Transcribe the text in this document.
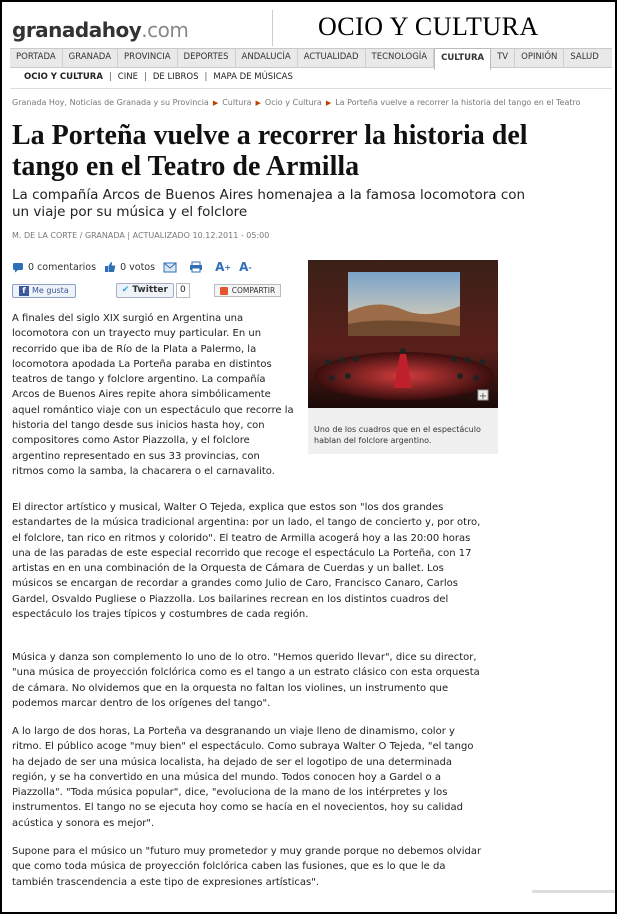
granadahoy.com	OCIO Y CULTURA
PORTADA	GRANADA	PROVINCIA	DEPORTES	ANDALUCÍA	ACTUALIDAD	TECNOLOGÍA	CULTURA	TV	OPINIÓN	SALUD
OCIO Y CULTURA | CINE | DE LIBROS | MAPA DE MÚSICAS
Granada Hoy, Noticias de Granada y su Provincia ▶ Cultura ▶ Ocio y Cultura ▶ La Porteña vuelve a recorrer la historia del tango en el Teatro
La Porteña vuelve a recorrer la historia del tango en el Teatro de Armilla
La compañía Arcos de Buenos Aires homenajea a la famosa locomotora con un viaje por su música y el folclore
M. DE LA CORTE / GRANADA | ACTUALIZADO 10.12.2011 - 05:00
0 comentarios	0 votos	A + A -
f Me gusta	✔ Twitter	0	COMPARTIR
+
Uno de los cuadros que en el espectáculo hablan del folclore argentino.

A finales del siglo XIX surgió en Argentina una locomotora con un trayecto muy particular. En un recorrido que iba de Río de la Plata a Palermo, la locomotora apodada La Porteña paraba en distintos teatros de tango y folclore argentino. La compañía Arcos de Buenos Aires repite ahora simbólicamente aquel romántico viaje con un espectáculo que recorre la historia del tango desde sus inicios hasta hoy, con compositores como Astor Piazzolla, y el folclore argentino representado en sus 33 provincias, con ritmos como la samba, la chacarera o el carnavalito.

El director artístico y musical, Walter O Tejeda, explica que estos son "los dos grandes estandartes de la música tradicional argentina: por un lado, el tango de concierto y, por otro, el folclore, tan rico en ritmos y colorido". El teatro de Armilla acogerá hoy a las 20:00 horas una de las paradas de este especial recorrido que recoge el espectáculo La Porteña, con 17 artistas en en una combinación de la Orquesta de Cámara de Cuerdas y un ballet. Los músicos se encargan de recordar a grandes como Julio de Caro, Francisco Canaro, Carlos Gardel, Osvaldo Pugliese o Piazzolla. Los bailarines recrean en los distintos cuadros del espectáculo los trajes típicos y costumbres de cada región.

Música y danza son complemento lo uno de lo otro. "Hemos querido llevar", dice su director, "una música de proyección folclórica como es el tango a un estrato clásico con esta orquesta de cámara. No olvidemos que en la orquesta no faltan los violines, un instrumento que podemos marcar dentro de los orígenes del tango".

A lo largo de dos horas, La Porteña va desgranando un viaje lleno de dinamismo, color y ritmo. El público acoge "muy bien" el espectáculo. Como subraya Walter O Tejeda, "el tango ha dejado de ser una música localista, ha dejado de ser el logotipo de una determinada región, y se ha convertido en una música del mundo. Todos conocen hoy a Gardel o a Piazzolla". "Toda música popular", dice, "evoluciona de la mano de los intérpretes y los instrumentos. El tango no se ejecuta hoy como se hacía en el novecientos, hoy su calidad acústica y sonora es mejor".

Supone para el músico un "futuro muy prometedor y muy grande porque no debemos olvidar que como toda música de proyección folclórica caben las fusiones, que es lo que le da también trascendencia a este tipo de expresiones artísticas".
